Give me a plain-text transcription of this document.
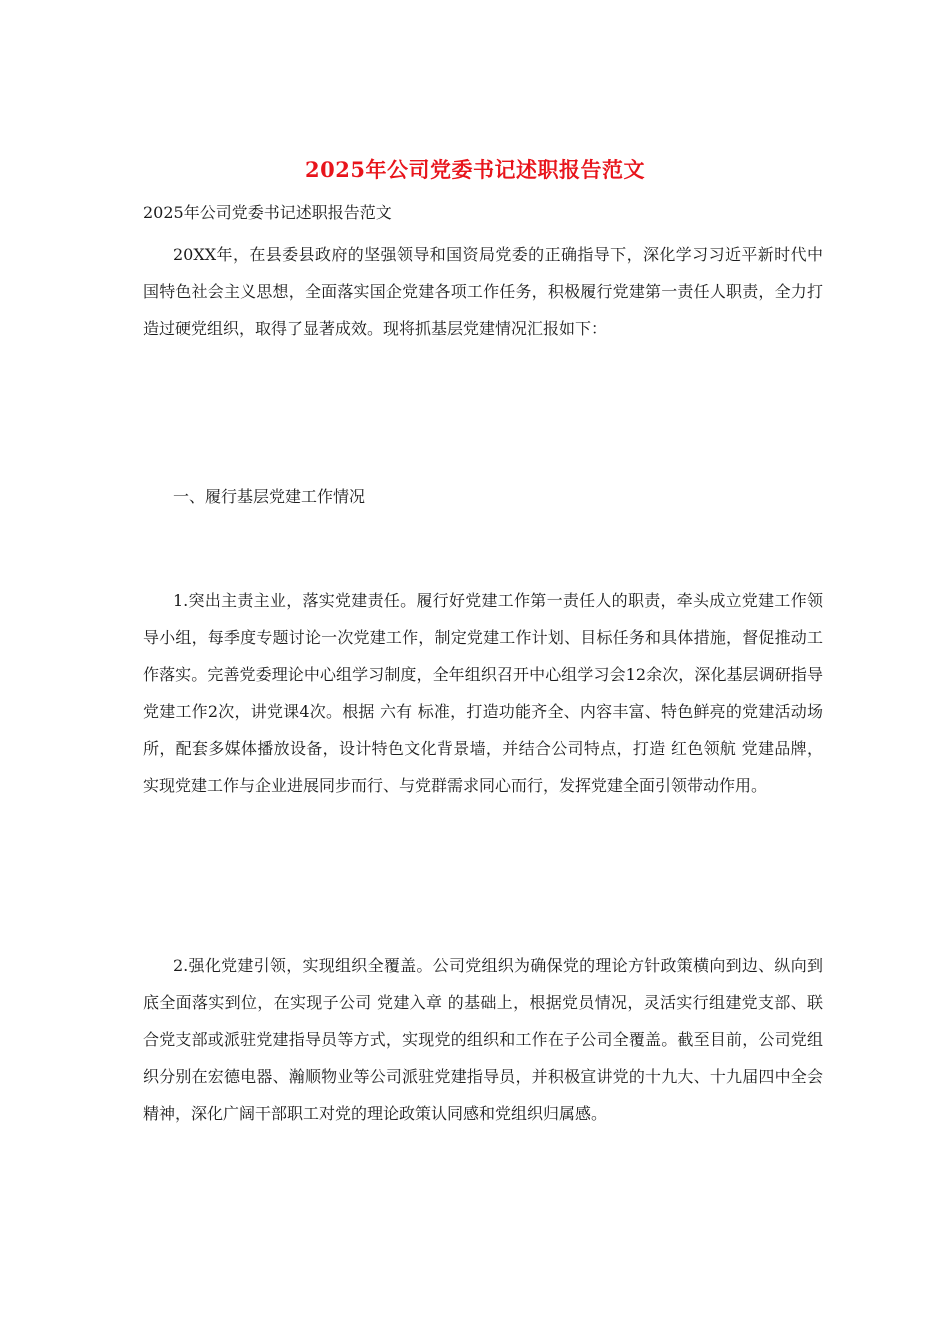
2025年公司党委书记述职报告范文
2025年公司党委书记述职报告范文

20XX年，在县委县政府的坚强领导和国资局党委的正确指导下，深化学习习近平新时代中国特色社会主义思想，全面落实国企党建各项工作任务，积极履行党建第一责任人职责，全力打造过硬党组织，取得了显著成效。现将抓基层党建情况汇报如下：

一、履行基层党建工作情况

1.突出主责主业，落实党建责任。履行好党建工作第一责任人的职责，牵头成立党建工作领导小组，每季度专题讨论一次党建工作，制定党建工作计划、目标任务和具体措施，督促推动工作落实。完善党委理论中心组学习制度，全年组织召开中心组学习会12余次，深化基层调研指导党建工作2次，讲党课4次。根据 六有 标准，打造功能齐全、内容丰富、特色鲜亮的党建活动场所，配套多媒体播放设备，设计特色文化背景墙，并结合公司特点，打造 红色领航 党建品牌，实现党建工作与企业进展同步而行、与党群需求同心而行，发挥党建全面引领带动作用。

2.强化党建引领，实现组织全覆盖。公司党组织为确保党的理论方针政策横向到边、纵向到底全面落实到位，在实现子公司 党建入章 的基础上，根据党员情况，灵活实行组建党支部、联合党支部或派驻党建指导员等方式，实现党的组织和工作在子公司全覆盖。截至目前，公司党组织分别在宏德电器、瀚顺物业等公司派驻党建指导员，并积极宣讲党的十九大、十九届四中全会精神，深化广阔干部职工对党的理论政策认同感和党组织归属感。
